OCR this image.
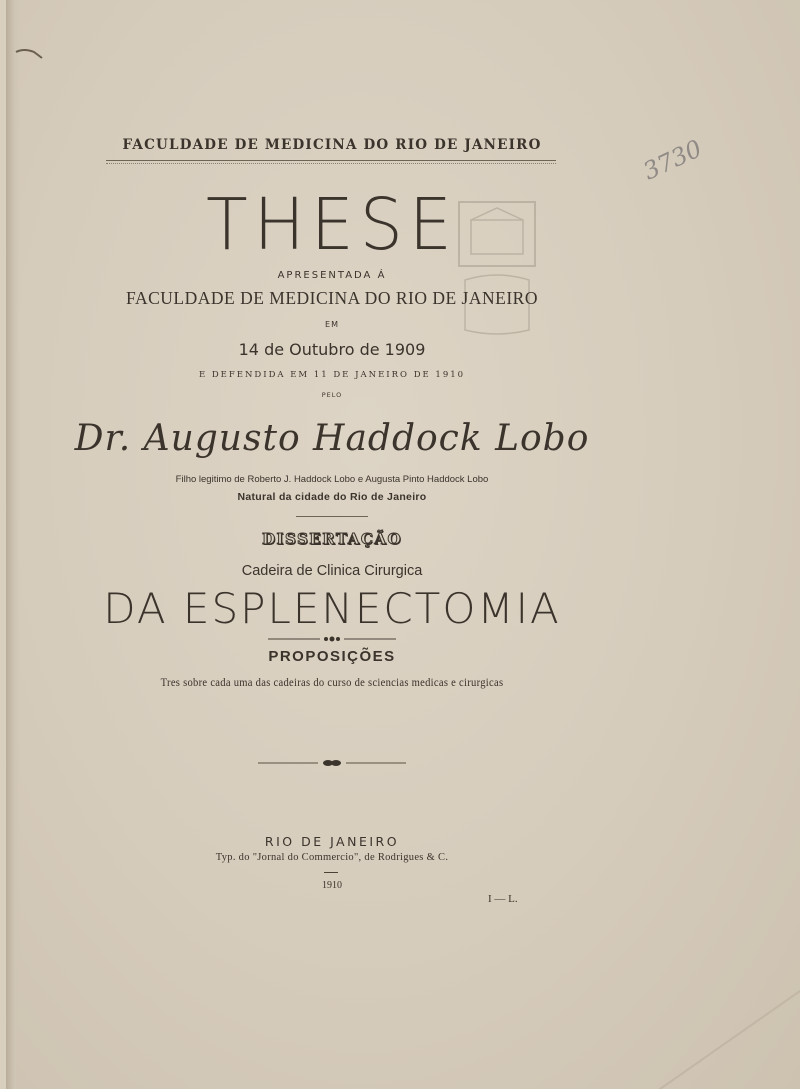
FACULDADE DE MEDICINA DO RIO DE JANEIRO
THESE
APRESENTADA Á
FACULDADE DE MEDICINA DO RIO DE JANEIRO
EM
14 de Outubro de 1909
E DEFENDIDA EM 11 DE JANEIRO DE 1910
PELO
Dr. Augusto Haddock Lobo
Filho legitimo de Roberto J. Haddock Lobo e Augusta Pinto Haddock Lobo
Natural da cidade do Rio de Janeiro
DISSERTAÇÃO
Cadeira de Clinica Cirurgica
DA ESPLENECTOMIA
PROPOSIÇÕES
Tres sobre cada uma das cadeiras do curso de sciencias medicas e cirurgicas
RIO DE JANEIRO
Typ. do "Jornal do Commercio", de Rodrigues & C.
1910
I — L.
3730
